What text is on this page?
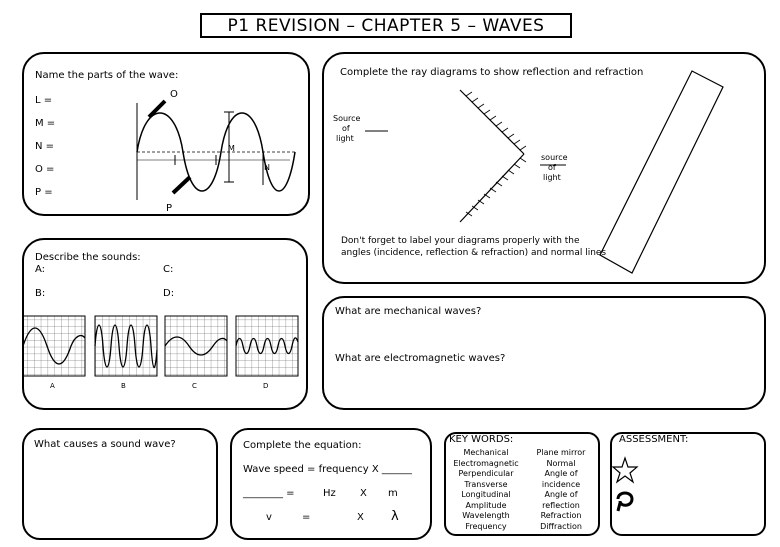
P1 REVISION – CHAPTER 5 – WAVES
Name the parts of the wave:
L =
M =
N =
O =
P =
O
P
M
N
Complete the ray diagrams to show reflection and refraction
Source
of
light
source
of
light
Don't forget to label your diagrams properly with the
angles (incidence, reflection & refraction) and normal lines
Describe the sounds:
A:	C:
B:	D:
A	B	C	D
What are mechanical waves?
What are electromagnetic waves?
What causes a sound wave?	Complete the equation:
Wave speed = frequency X ______
________ =	Hz X m
v	=	X λ
KEY WORDS:
Mechanical
Electromagnetic
Perpendicular
Transverse
Longitudinal
Amplitude
Wavelength
Frequency
Plane mirror
Normal
Angle of
incidence
Angle of
reflection
Refraction
Diffraction
ASSESSMENT:
